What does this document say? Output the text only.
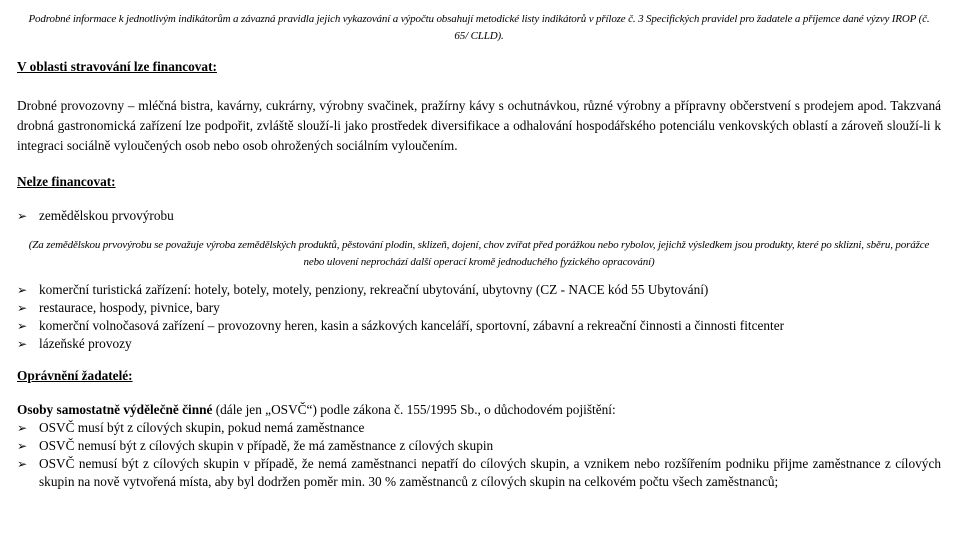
Podrobné informace k jednotlivým indikátorům a závazná pravidla jejich vykazování a výpočtu obsahují metodické listy indikátorů v příloze č. 3 Specifických pravidel pro žadatele a příjemce dané výzvy IROP (č. 65/ CLLD).

V oblasti stravování lze financovat:

Drobné provozovny – mléčná bistra, kavárny, cukrárny, výrobny svačinek, pražírny kávy s ochutnávkou, různé výrobny a přípravny občerstvení s prodejem apod. Takzvaná drobná gastronomická zařízení lze podpořit, zvláště slouží-li jako prostředek diversifikace a odhalování hospodářského potenciálu venkovských oblastí a zároveň slouží-li k integraci sociálně vyloučených osob nebo osob ohrožených sociálním vyloučením.

Nelze financovat:

➢ zemědělskou prvovýrobu
(Za zemědělskou prvovýrobu se považuje výroba zemědělských produktů, pěstování plodin, sklizeň, dojení, chov zvířat před porážkou nebo rybolov, jejichž výsledkem jsou produkty, které po sklizni, sběru, porážce nebo ulovení neprochází další operací kromě jednoduchého fyzického opracování)
➢ komerční turistická zařízení: hotely, botely, motely, penziony, rekreační ubytování, ubytovny (CZ - NACE kód 55 Ubytování)
➢ restaurace, hospody, pivnice, bary
➢ komerční volnočasová zařízení – provozovny heren, kasin a sázkových kanceláří, sportovní, zábavní a rekreační činnosti a činnosti fitcenter
➢ lázeňské provozy

Oprávnění žadatelé:

Osoby samostatně výdělečně činné (dále jen „OSVČ“) podle zákona č. 155/1995 Sb., o důchodovém pojištění:

➢ OSVČ musí být z cílových skupin, pokud nemá zaměstnance
➢ OSVČ nemusí být z cílových skupin v případě, že má zaměstnance z cílových skupin
➢ OSVČ nemusí být z cílových skupin v případě, že nemá zaměstnanci nepatří do cílových skupin, a vznikem nebo rozšířením podniku přijme zaměstnance z cílových skupin na nově vytvořená místa, aby byl dodržen poměr min. 30 % zaměstnanců z cílových skupin na celkovém počtu všech zaměstnanců;
